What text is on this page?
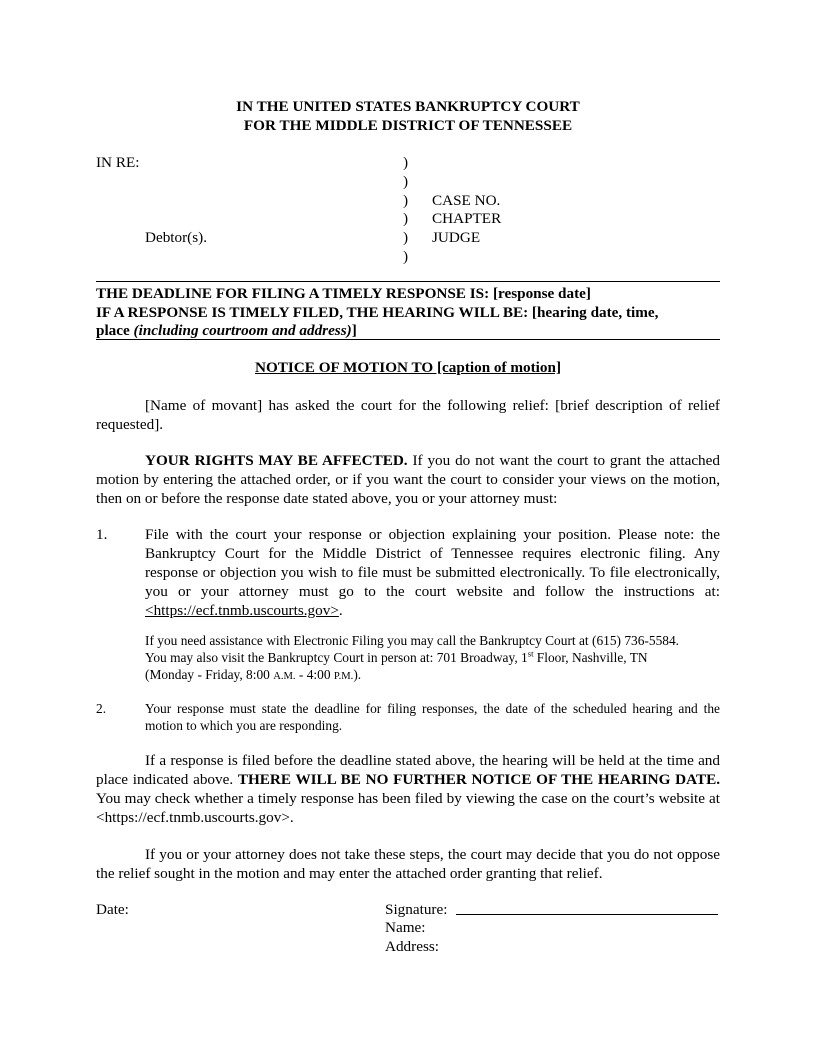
IN THE UNITED STATES BANKRUPTCY COURT
FOR THE MIDDLE DISTRICT OF TENNESSEE
IN RE:
Debtor(s).
)
)
)
)
)
)
CASE NO.
CHAPTER
JUDGE
THE DEADLINE FOR FILING A TIMELY RESPONSE IS: [response date]
IF A RESPONSE IS TIMELY FILED, THE HEARING WILL BE: [hearing date, time,
place (including courtroom and address)]
NOTICE OF MOTION TO [caption of motion]
[Name of movant] has asked the court for the following relief: [brief description of relief requested].
YOUR RIGHTS MAY BE AFFECTED. If you do not want the court to grant the attached motion by entering the attached order, or if you want the court to consider your views on the motion, then on or before the response date stated above, you or your attorney must:
1. File with the court your response or objection explaining your position. Please note: the Bankruptcy Court for the Middle District of Tennessee requires electronic filing. Any response or objection you wish to file must be submitted electronically. To file electronically, you or your attorney must go to the court website and follow the instructions at: <https://ecf.tnmb.uscourts.gov>.
If you need assistance with Electronic Filing you may call the Bankruptcy Court at (615) 736-5584.
You may also visit the Bankruptcy Court in person at: 701 Broadway, 1st Floor, Nashville, TN
(Monday - Friday, 8:00 A.M. - 4:00 P.M.).
2.	Your response must state the deadline for filing responses, the date of the scheduled hearing and the motion to which you are responding.
If a response is filed before the deadline stated above, the hearing will be held at the time and place indicated above. THERE WILL BE NO FURTHER NOTICE OF THE HEARING DATE. You may check whether a timely response has been filed by viewing the case on the court’s website at <https://ecf.tnmb.uscourts.gov>.
If you or your attorney does not take these steps, the court may decide that you do not oppose the relief sought in the motion and may enter the attached order granting that relief.
Date:	Signature:
Name:
Address:
